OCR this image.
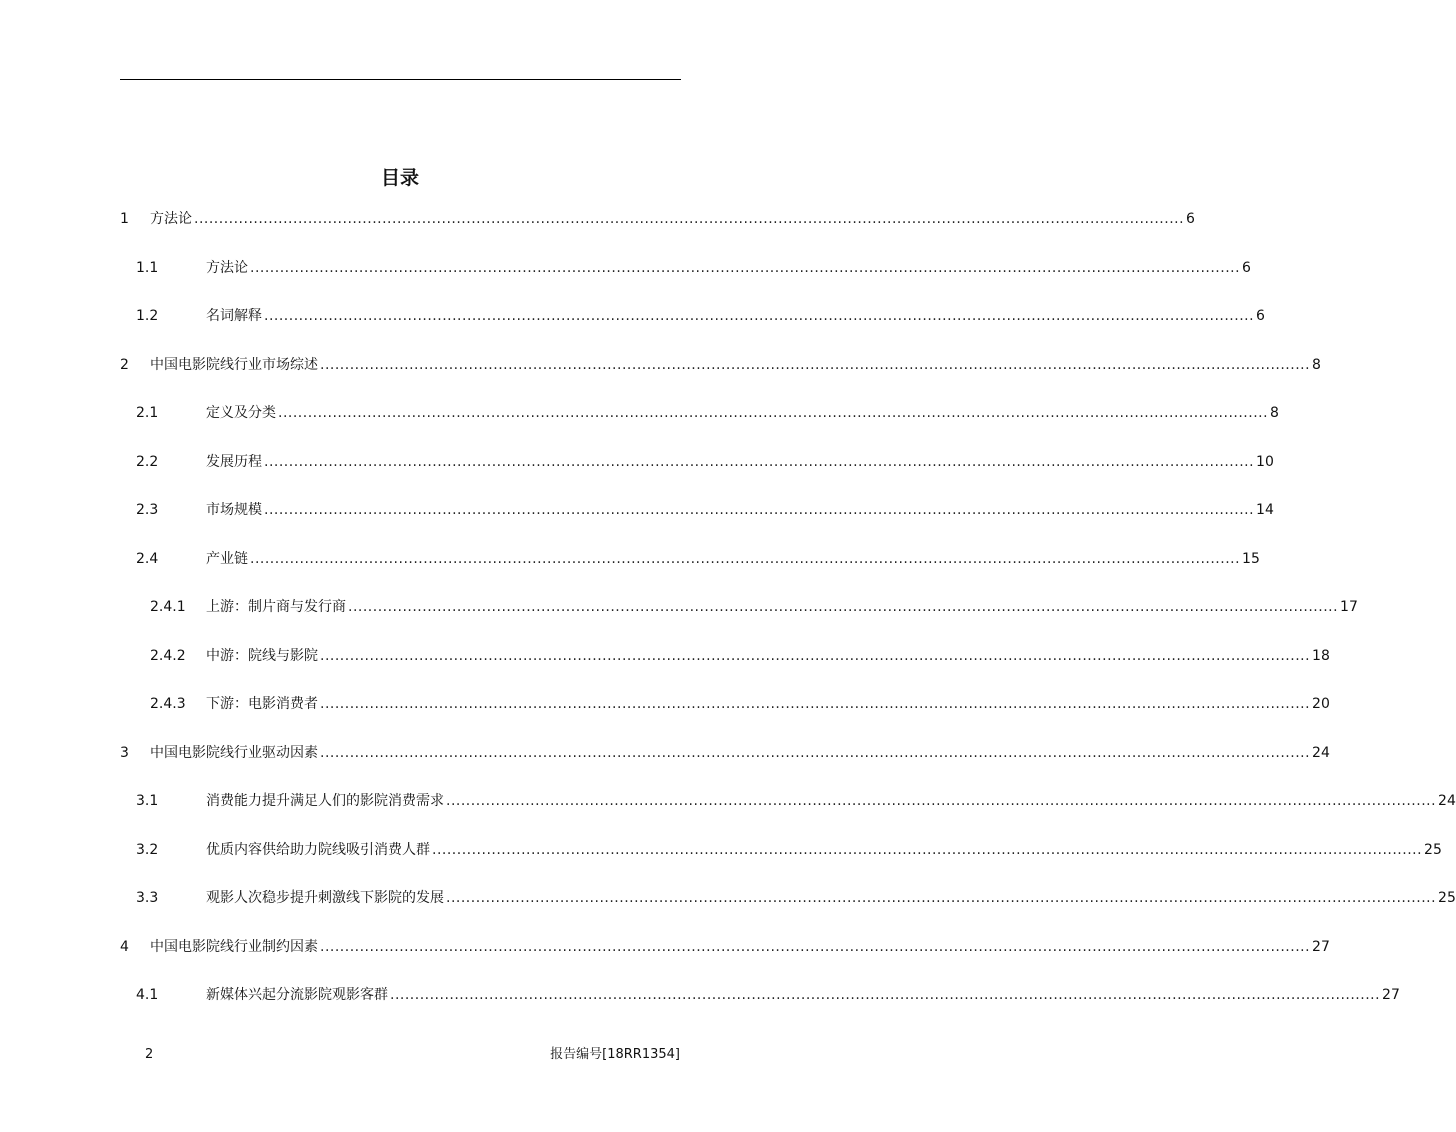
目录
1 方法论 ........................................................................................................................................................................................................ 6
1.1	方法论 ........................................................................................................................................................................................................ 6
1.2	名词解释 ........................................................................................................................................................................................................ 6
2 中国电影院线行业市场综述 ........................................................................................................................................................................................................ 8
2.1	定义及分类 ........................................................................................................................................................................................................ 8
2.2	发展历程 ........................................................................................................................................................................................................ 10
2.3	市场规模 ........................................................................................................................................................................................................ 14
2.4	产业链 ........................................................................................................................................................................................................ 15
2.4.1 上游：制片商与发行商 ........................................................................................................................................................................................................ 17
2.4.2 中游：院线与影院 ........................................................................................................................................................................................................ 18
2.4.3 下游：电影消费者 ........................................................................................................................................................................................................ 20
3 中国电影院线行业驱动因素 ........................................................................................................................................................................................................ 24
3.1	消费能力提升满足人们的影院消费需求 ........................................................................................................................................................................................................ 24
3.2	优质内容供给助力院线吸引消费人群 ........................................................................................................................................................................................................ 25
3.3	观影人次稳步提升刺激线下影院的发展 ........................................................................................................................................................................................................ 25
4 中国电影院线行业制约因素 ........................................................................................................................................................................................................ 27
4.1	新媒体兴起分流影院观影客群 ........................................................................................................................................................................................................ 27
2	报告编号[18RR1354]
